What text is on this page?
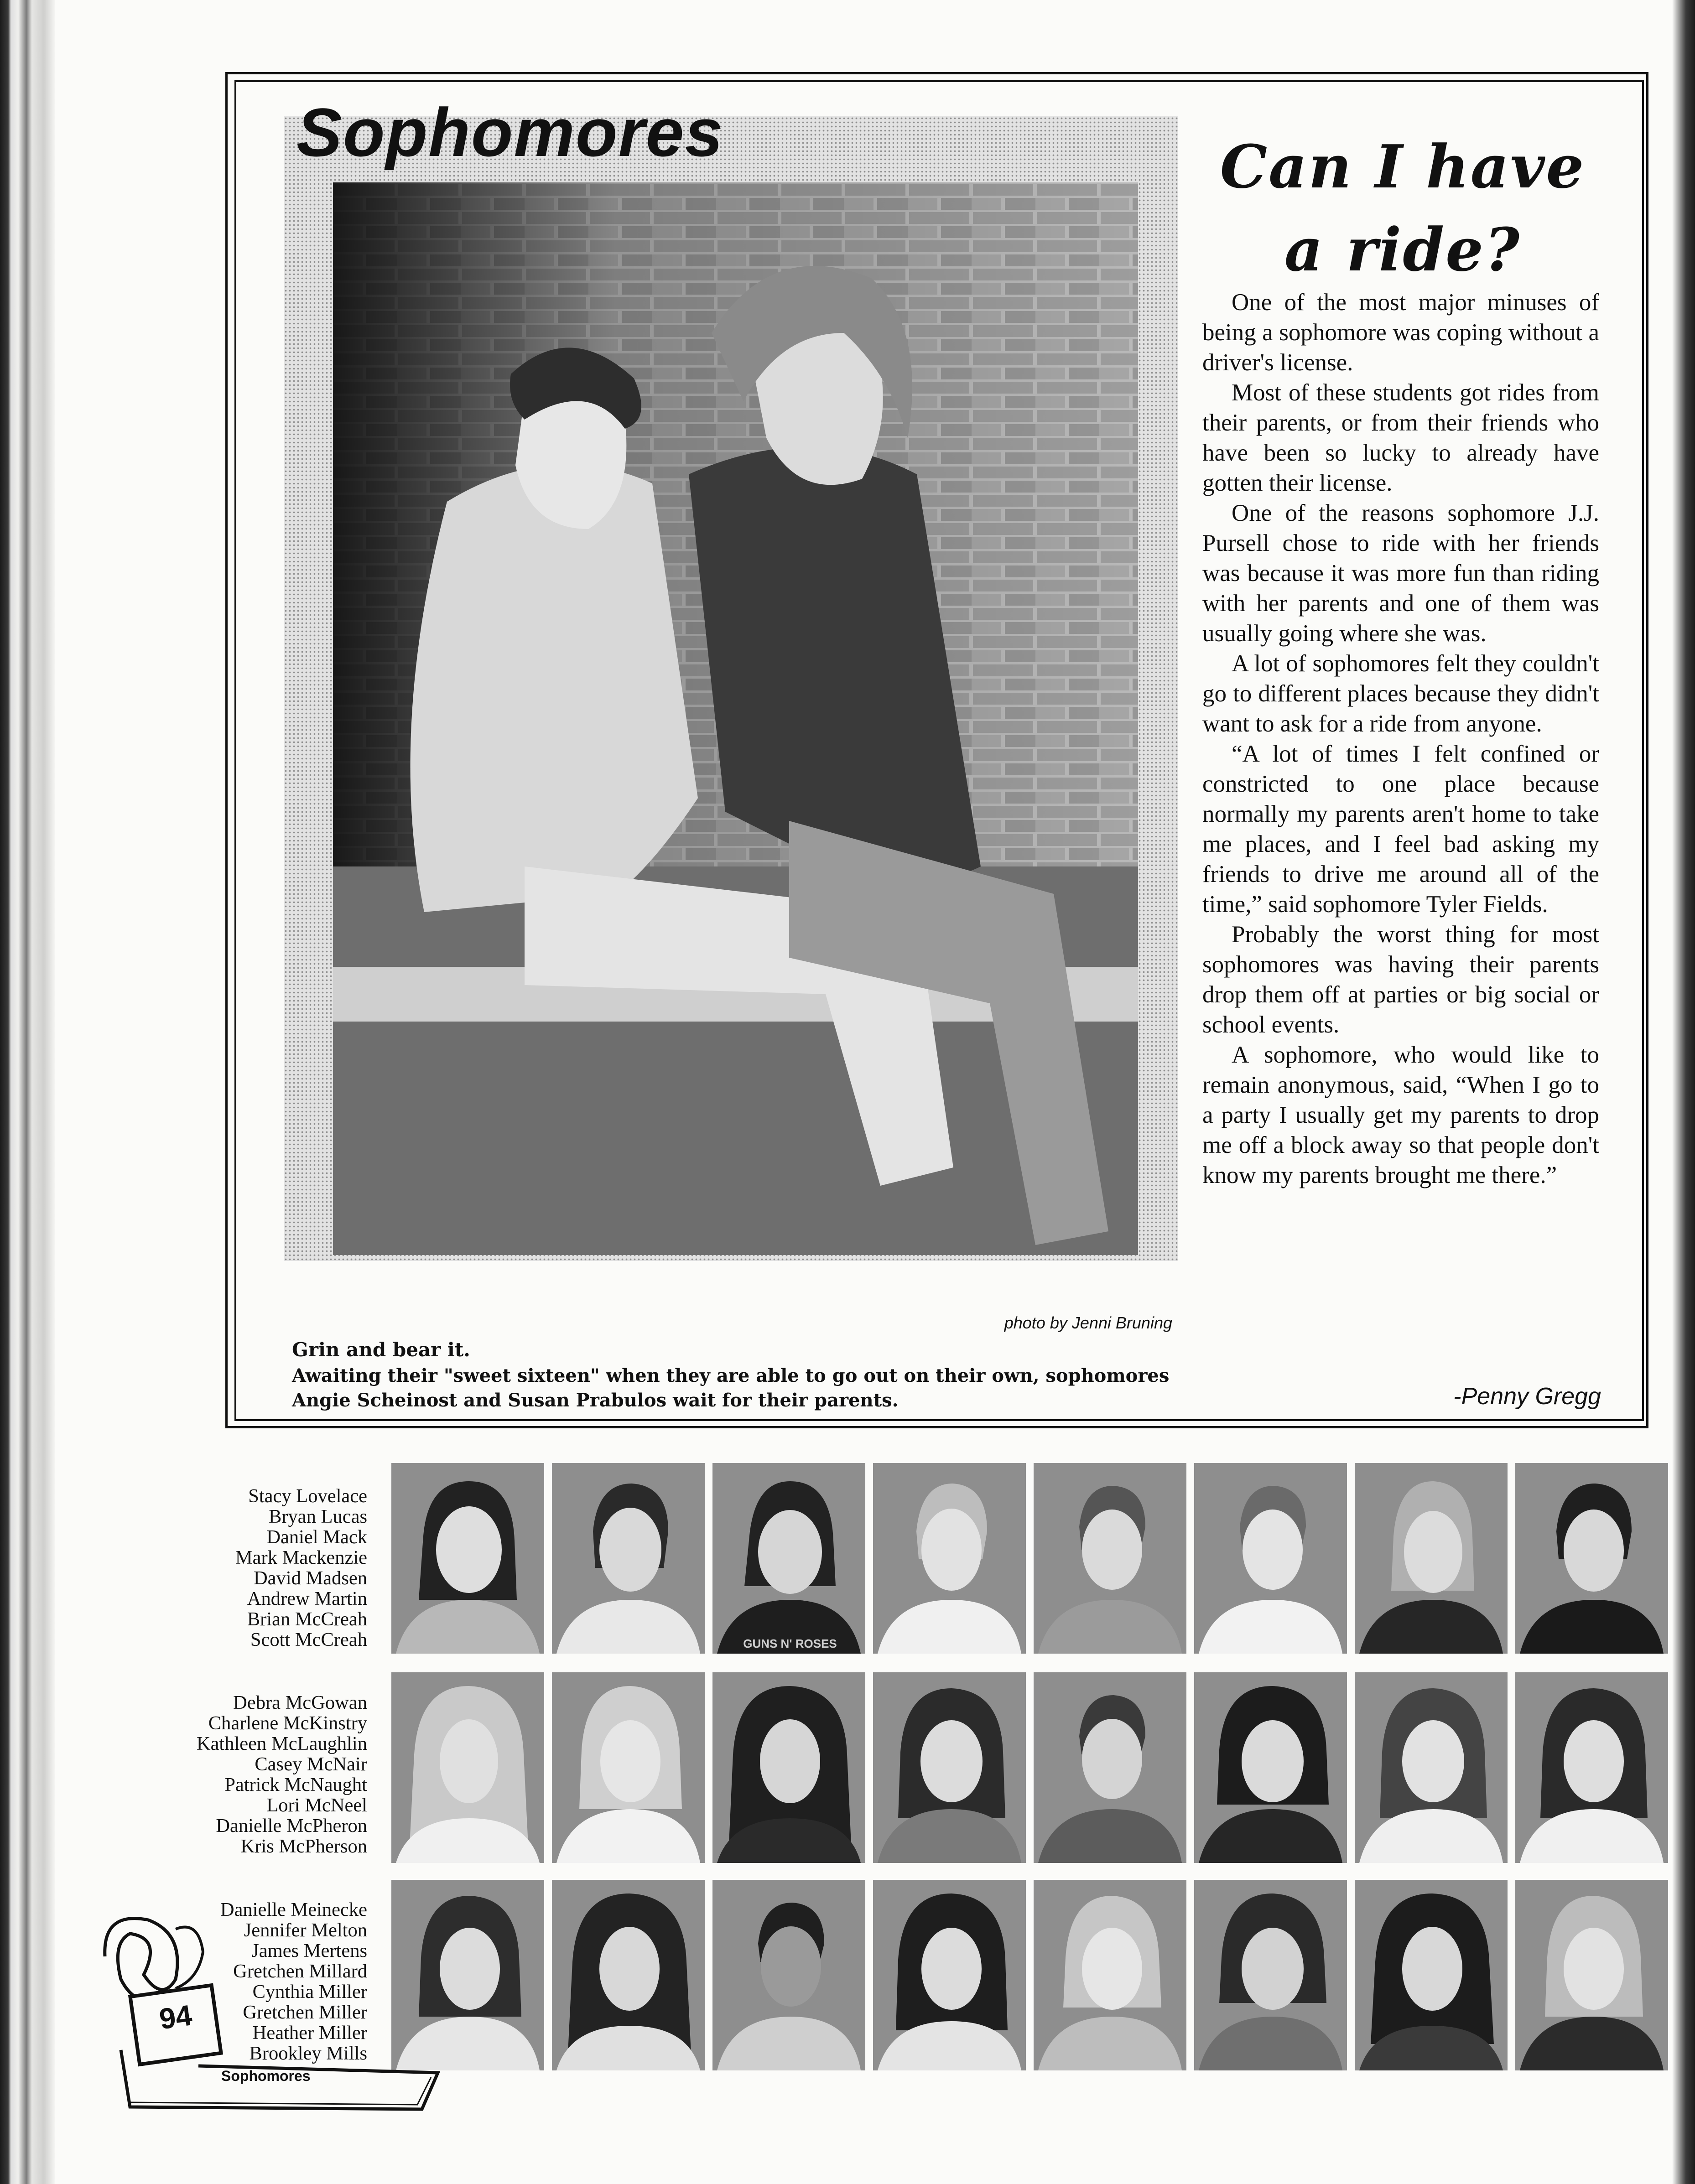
Sophomores
photo by Jenni Bruning
Grin and bear it.
Awaiting their "sweet sixteen" when they are able to go out on their own, sophomores Angie Scheinost and Susan Prabulos wait for their parents.
Can I have
a ride?

One of the most major minuses of being a sophomore was coping without a driver's license.

Most of these students got rides from their parents, or from their friends who have been so lucky to already have gotten their license.

One of the reasons sophomore J.J. Pursell chose to ride with her friends was because it was more fun than riding with her parents and one of them was usually going where she was.

A lot of sophomores felt they couldn't go to different places because they didn't want to ask for a ride from anyone.

“A lot of times I felt confined or constricted to one place because normally my parents aren't home to take me places, and I feel bad asking my friends to drive me around all of the time,” said sophomore Tyler Fields.

Probably the worst thing for most sophomores was having their parents drop them off at parties or big social or school events.

A sophomore, who would like to remain anonymous, said, “When I go to a party I usually get my parents to drop me off a block away so that people don't know my parents brought me there.”

-Penny Gregg
Stacy Lovelace
Bryan Lucas
Daniel Mack
Mark Mackenzie
David Madsen
Andrew Martin
Brian McCreah
Scott McCreah	GUNS N' ROSES
Debra McGowan
Charlene McKinstry
Kathleen McLaughlin
Casey McNair
Patrick McNaught
Lori McNeel
Danielle McPheron
Kris McPherson
Danielle Meinecke
Jennifer Melton
James Mertens
Gretchen Millard
Cynthia Miller
Gretchen Miller
Heather Miller
Brookley Mills
94
Sophomores
